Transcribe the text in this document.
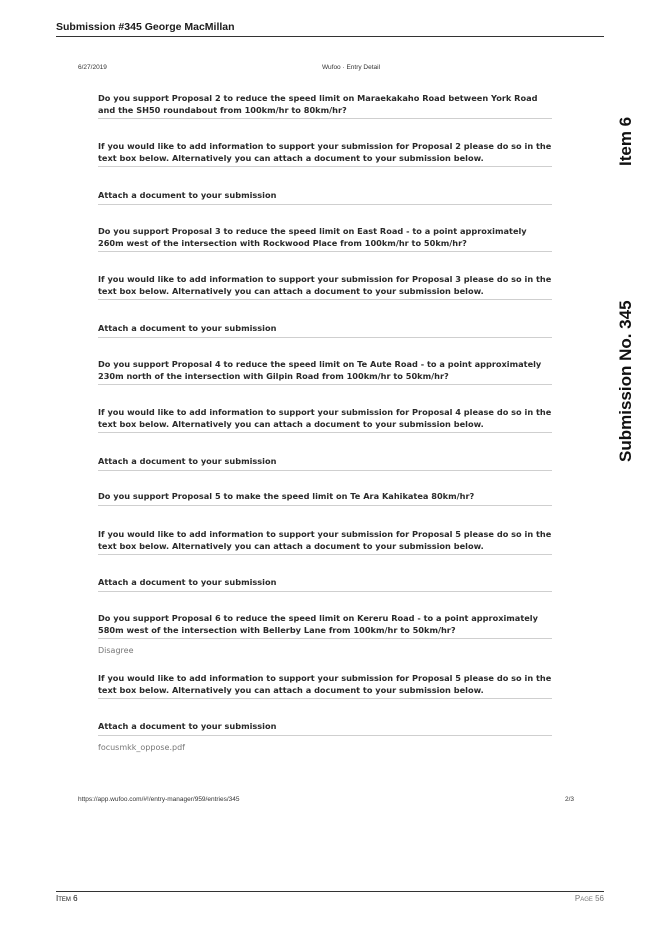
Submission #345 George MacMillan
6/27/2019	Wufoo · Entry Detail
Item 6
Submission No. 345
Do you support Proposal 2 to reduce the speed limit on Maraekakaho Road between York Road and the SH50 roundabout from 100km/hr to 80km/hr?
If you would like to add information to support your submission for Proposal 2 please do so in the text box below. Alternatively you can attach a document to your submission below.
Attach a document to your submission
Do you support Proposal 3 to reduce the speed limit on East Road - to a point approximately 260m west of the intersection with Rockwood Place from 100km/hr to 50km/hr?
If you would like to add information to support your submission for Proposal 3 please do so in the text box below. Alternatively you can attach a document to your submission below.
Attach a document to your submission
Do you support Proposal 4 to reduce the speed limit on Te Aute Road - to a point approximately 230m north of the intersection with Gilpin Road from 100km/hr to 50km/hr?
If you would like to add information to support your submission for Proposal 4 please do so in the text box below. Alternatively you can attach a document to your submission below.
Attach a document to your submission
Do you support Proposal 5 to make the speed limit on Te Ara Kahikatea 80km/hr?
If you would like to add information to support your submission for Proposal 5 please do so in the text box below. Alternatively you can attach a document to your submission below.
Attach a document to your submission
Do you support Proposal 6 to reduce the speed limit on Kereru Road - to a point approximately 580m west of the intersection with Bellerby Lane from 100km/hr to 50km/hr?
Disagree
If you would like to add information to support your submission for Proposal 5 please do so in the text box below. Alternatively you can attach a document to your submission below.
Attach a document to your submission
focusmkk_oppose.pdf
https://app.wufoo.com/#!/entry-manager/959/entries/345	2/3
Item 6	Page 56
